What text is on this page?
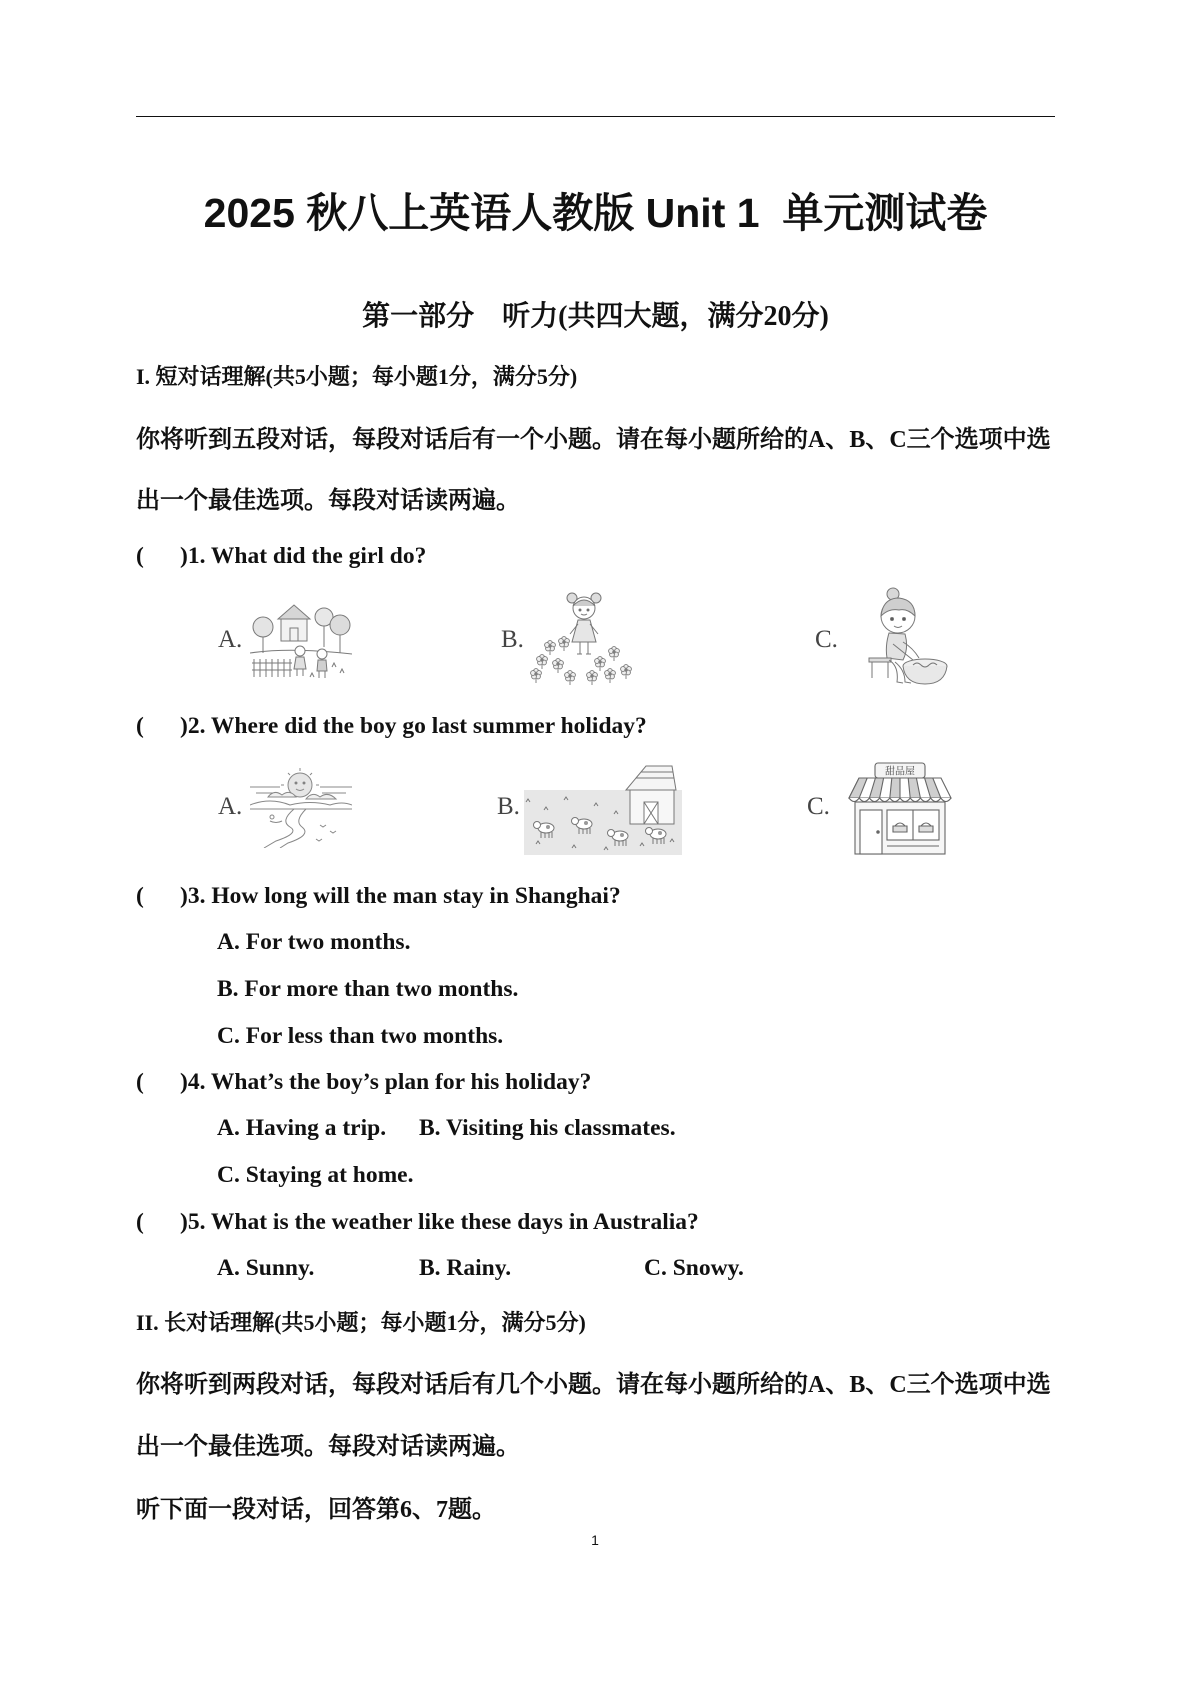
2025 秋八上英语人教版 Unit 1  单元测试卷
第一部分　听力(共四大题，满分20分)
I. 短对话理解(共5小题；每小题1分，满分5分)
你将听到五段对话，每段对话后有一个小题。请在每小题所给的A、B、C三个选项中选
出一个最佳选项。每段对话读两遍。
( )1. What did the girl do?
A.	B.	C.
( )2. Where did the boy go last summer holiday?
A.	B.	C.
甜品屋
( )3. How long will the man stay in Shanghai?
A. For two months.
B. For more than two months.
C. For less than two months.
( )4. What’s the boy’s plan for his holiday?
A. Having a trip. B. Visiting his classmates.
C. Staying at home.
( )5. What is the weather like these days in Australia?
A. Sunny.	B. Rainy.	C. Snowy.
II. 长对话理解(共5小题；每小题1分，满分5分)
你将听到两段对话，每段对话后有几个小题。请在每小题所给的A、B、C三个选项中选
出一个最佳选项。每段对话读两遍。
听下面一段对话，回答第6、7题。
1
